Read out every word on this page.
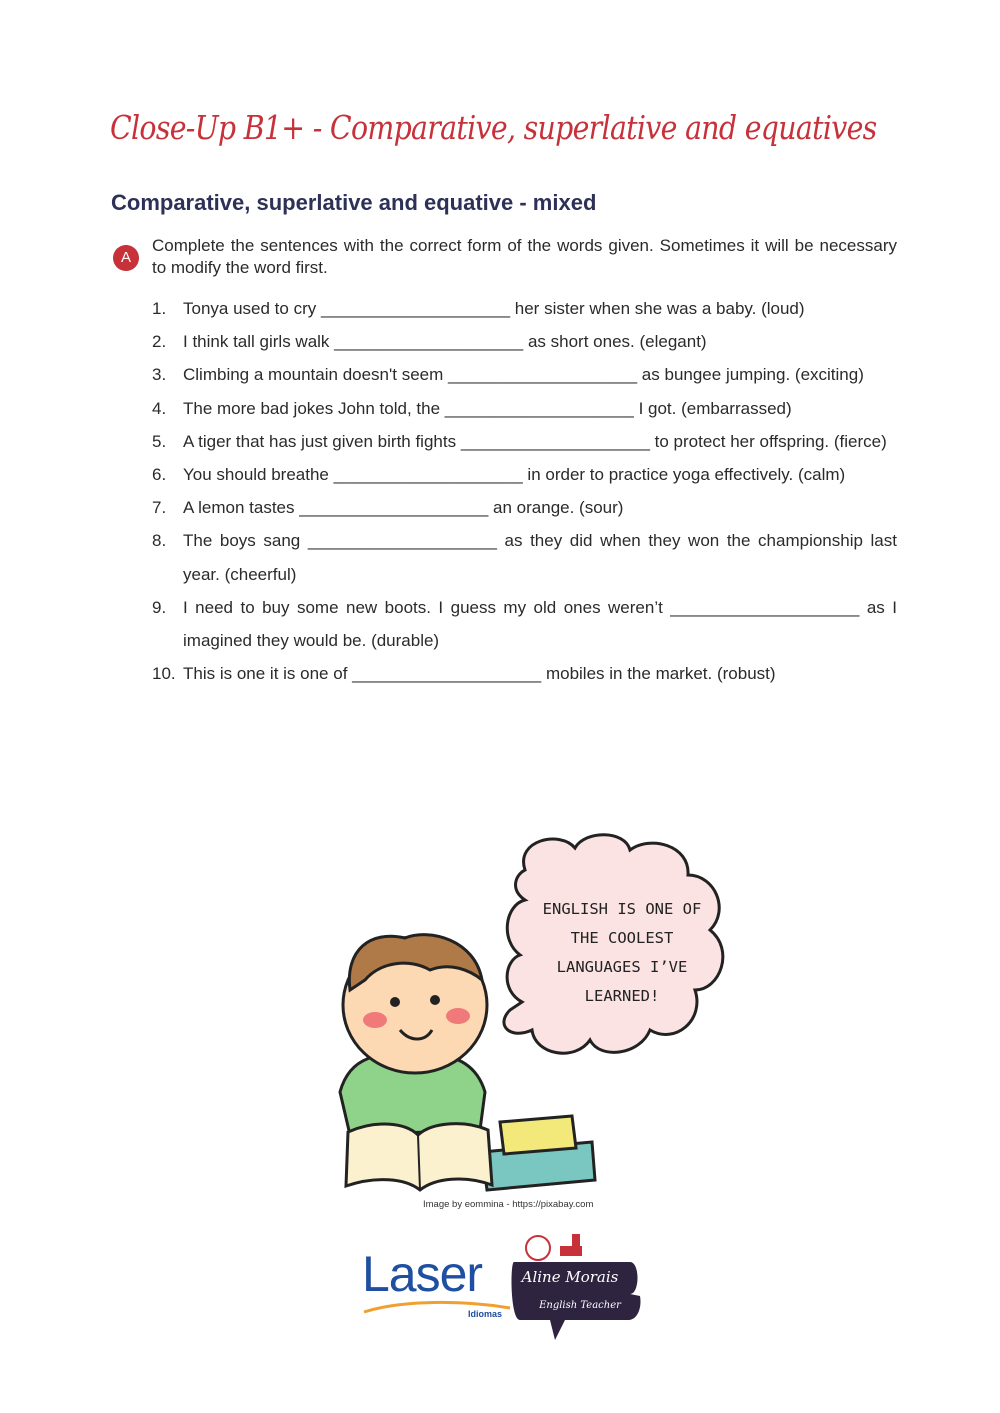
Close-Up B1+ - Comparative, superlative and equatives
Comparative, superlative and equative - mixed
A
Complete the sentences with the correct form of the words given. Sometimes it will be necessary to modify the word first.
1. Tonya used to cry ____________________ her sister when she was a baby. (loud)
2. I think tall girls walk ____________________ as short ones. (elegant)
3. Climbing a mountain doesn't seem ____________________ as bungee jumping. (exciting)
4. The more bad jokes John told, the ____________________ I got. (embarrassed)
5. A tiger that has just given birth fights ____________________ to protect her offspring. (fierce)
6. You should breathe ____________________ in order to practice yoga effectively. (calm)
7. A lemon tastes ____________________ an orange. (sour)
8. The boys sang ____________________ as they did when they won the championship last year. (cheerful)
9. I need to buy some new boots. I guess my old ones weren’t ____________________ as I imagined they would be. (durable)
10. This is one it is one of ____________________ mobiles in the market. (robust)
ENGLISH IS ONE OF
THE COOLEST
LANGUAGES I’VE
LEARNED!
Image by eommina - https://pixabay.com
Laser
Idiomas
Aline Morais
English Teacher
